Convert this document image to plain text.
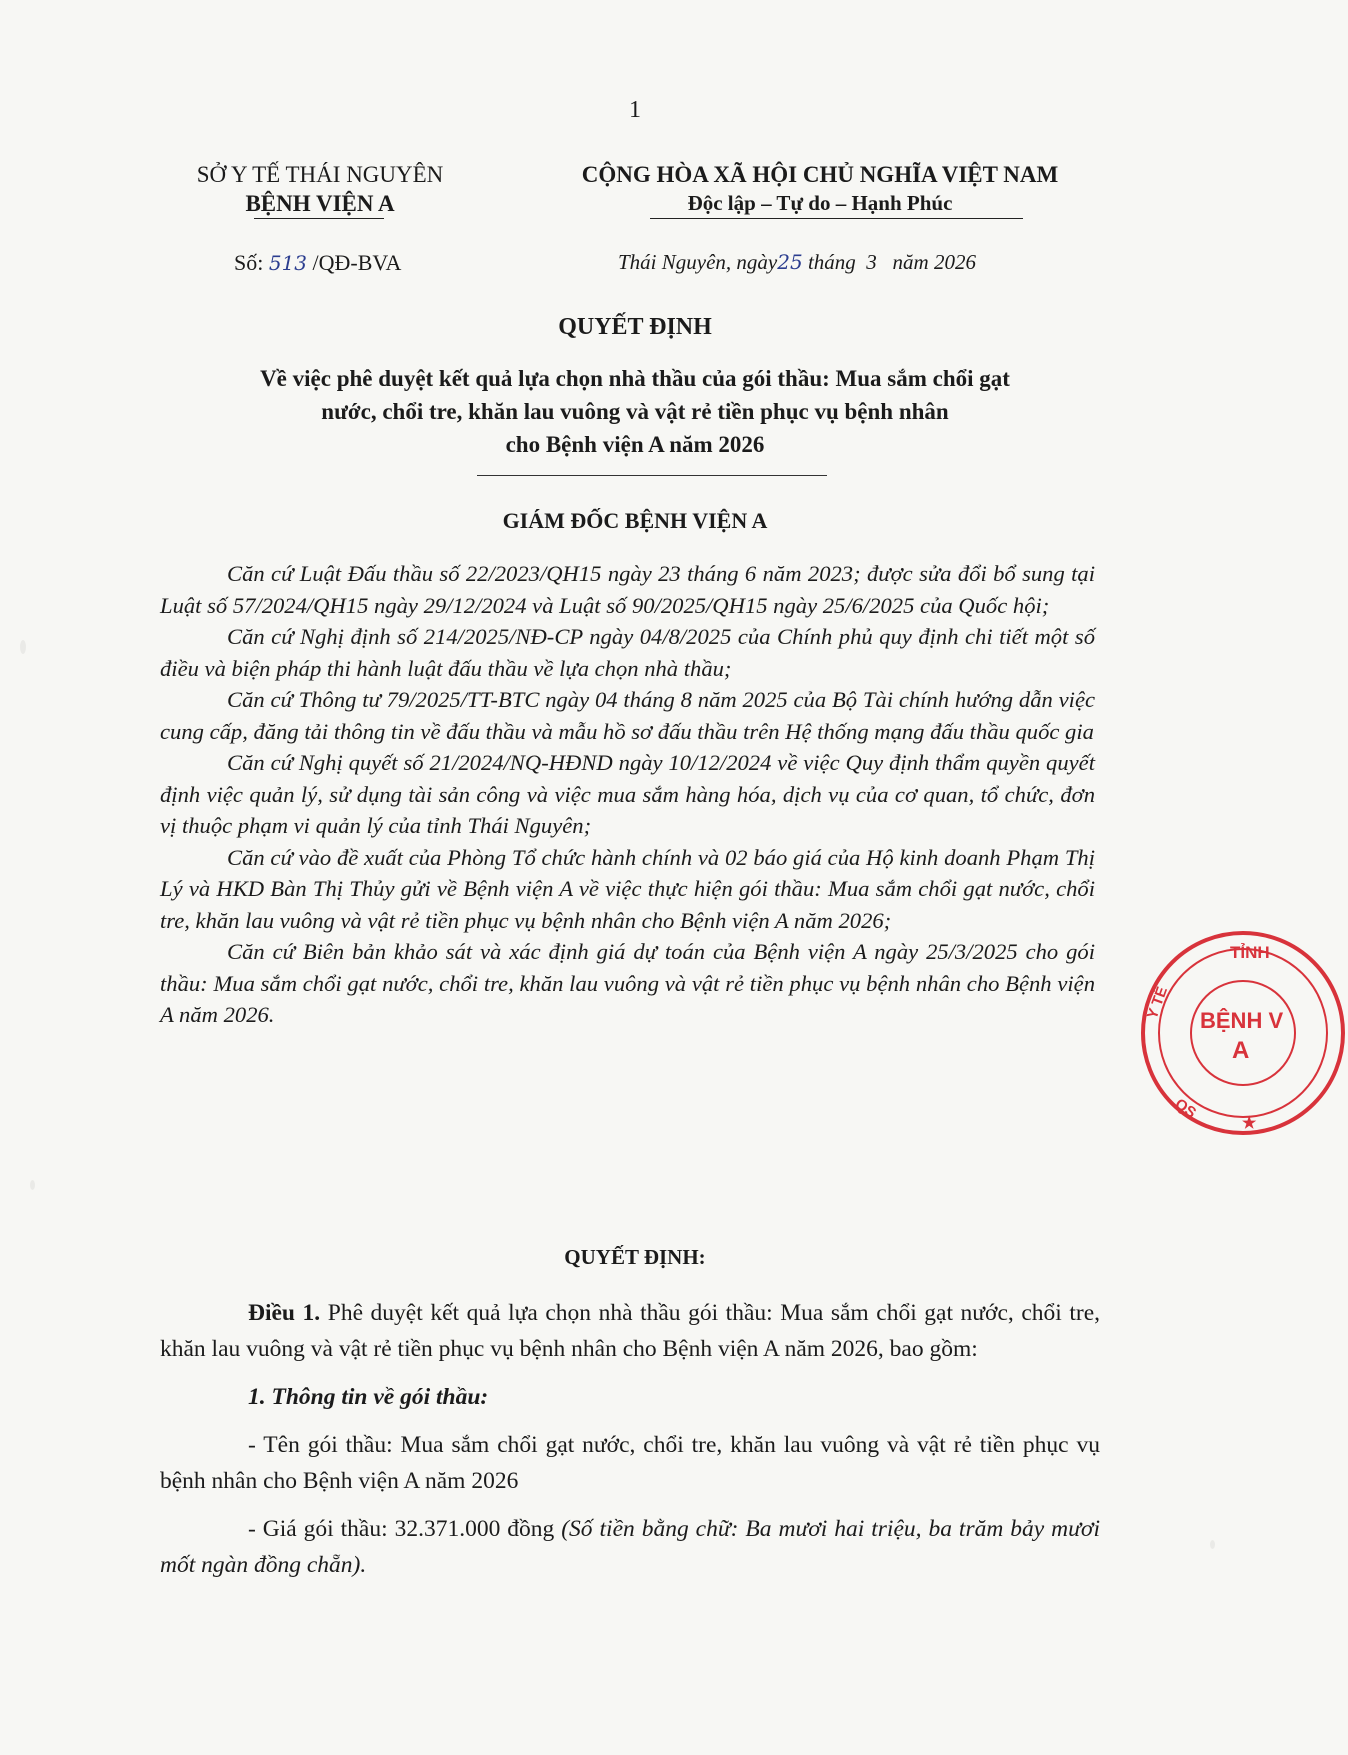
1
SỞ Y TẾ THÁI NGUYÊN
BỆNH VIỆN A
CỘNG HÒA XÃ HỘI CHỦ NGHĨA VIỆT NAM
Độc lập – Tự do – Hạnh Phúc
Số: 513 /QĐ-BVA	Thái Nguyên, ngày25 tháng  3   năm 2026
QUYẾT ĐỊNH
Về việc phê duyệt kết quả lựa chọn nhà thầu của gói thầu: Mua sắm chổi gạt
nước, chổi tre, khăn lau vuông và vật rẻ tiền phục vụ bệnh nhân
cho Bệnh viện A năm 2026
GIÁM ĐỐC BỆNH VIỆN A

Căn cứ Luật Đấu thầu số 22/2023/QH15 ngày 23 tháng 6 năm 2023; được sửa đổi bổ sung tại Luật số 57/2024/QH15 ngày 29/12/2024 và Luật số 90/2025/QH15 ngày 25/6/2025 của Quốc hội;

Căn cứ Nghị định số 214/2025/NĐ-CP ngày 04/8/2025 của Chính phủ quy định chi tiết một số điều và biện pháp thi hành luật đấu thầu về lựa chọn nhà thầu;

Căn cứ Thông tư 79/2025/TT-BTC ngày 04 tháng 8 năm 2025 của Bộ Tài chính hướng dẫn việc cung cấp, đăng tải thông tin về đấu thầu và mẫu hồ sơ đấu thầu trên Hệ thống mạng đấu thầu quốc gia

Căn cứ Nghị quyết số 21/2024/NQ-HĐND ngày 10/12/2024 về việc Quy định thẩm quyền quyết định việc quản lý, sử dụng tài sản công và việc mua sắm hàng hóa, dịch vụ của cơ quan, tổ chức, đơn vị thuộc phạm vi quản lý của tỉnh Thái Nguyên;

Căn cứ vào đề xuất của Phòng Tổ chức hành chính và 02 báo giá của Hộ kinh doanh Phạm Thị Lý và HKD Bàn Thị Thủy gửi về Bệnh viện A về việc thực hiện gói thầu: Mua sắm chổi gạt nước, chổi tre, khăn lau vuông và vật rẻ tiền phục vụ bệnh nhân cho Bệnh viện A năm 2026;

Căn cứ Biên bản khảo sát và xác định giá dự toán của Bệnh viện A ngày 25/3/2025 cho gói thầu: Mua sắm chổi gạt nước, chổi tre, khăn lau vuông và vật rẻ tiền phục vụ bệnh nhân cho Bệnh viện A năm 2026.

QUYẾT ĐỊNH:

Điều 1. Phê duyệt kết quả lựa chọn nhà thầu gói thầu: Mua sắm chổi gạt nước, chổi tre, khăn lau vuông và vật rẻ tiền phục vụ bệnh nhân cho Bệnh viện A năm 2026, bao gồm:

1. Thông tin về gói thầu:

- Tên gói thầu: Mua sắm chổi gạt nước, chổi tre, khăn lau vuông và vật rẻ tiền phục vụ bệnh nhân cho Bệnh viện A năm 2026

- Giá gói thầu: 32.371.000 đồng (Số tiền bằng chữ: Ba mươi hai triệu, ba trăm bảy mươi mốt ngàn đồng chẵn).

TỈNH
Y TẾ BỆNH V
A
QS
★
